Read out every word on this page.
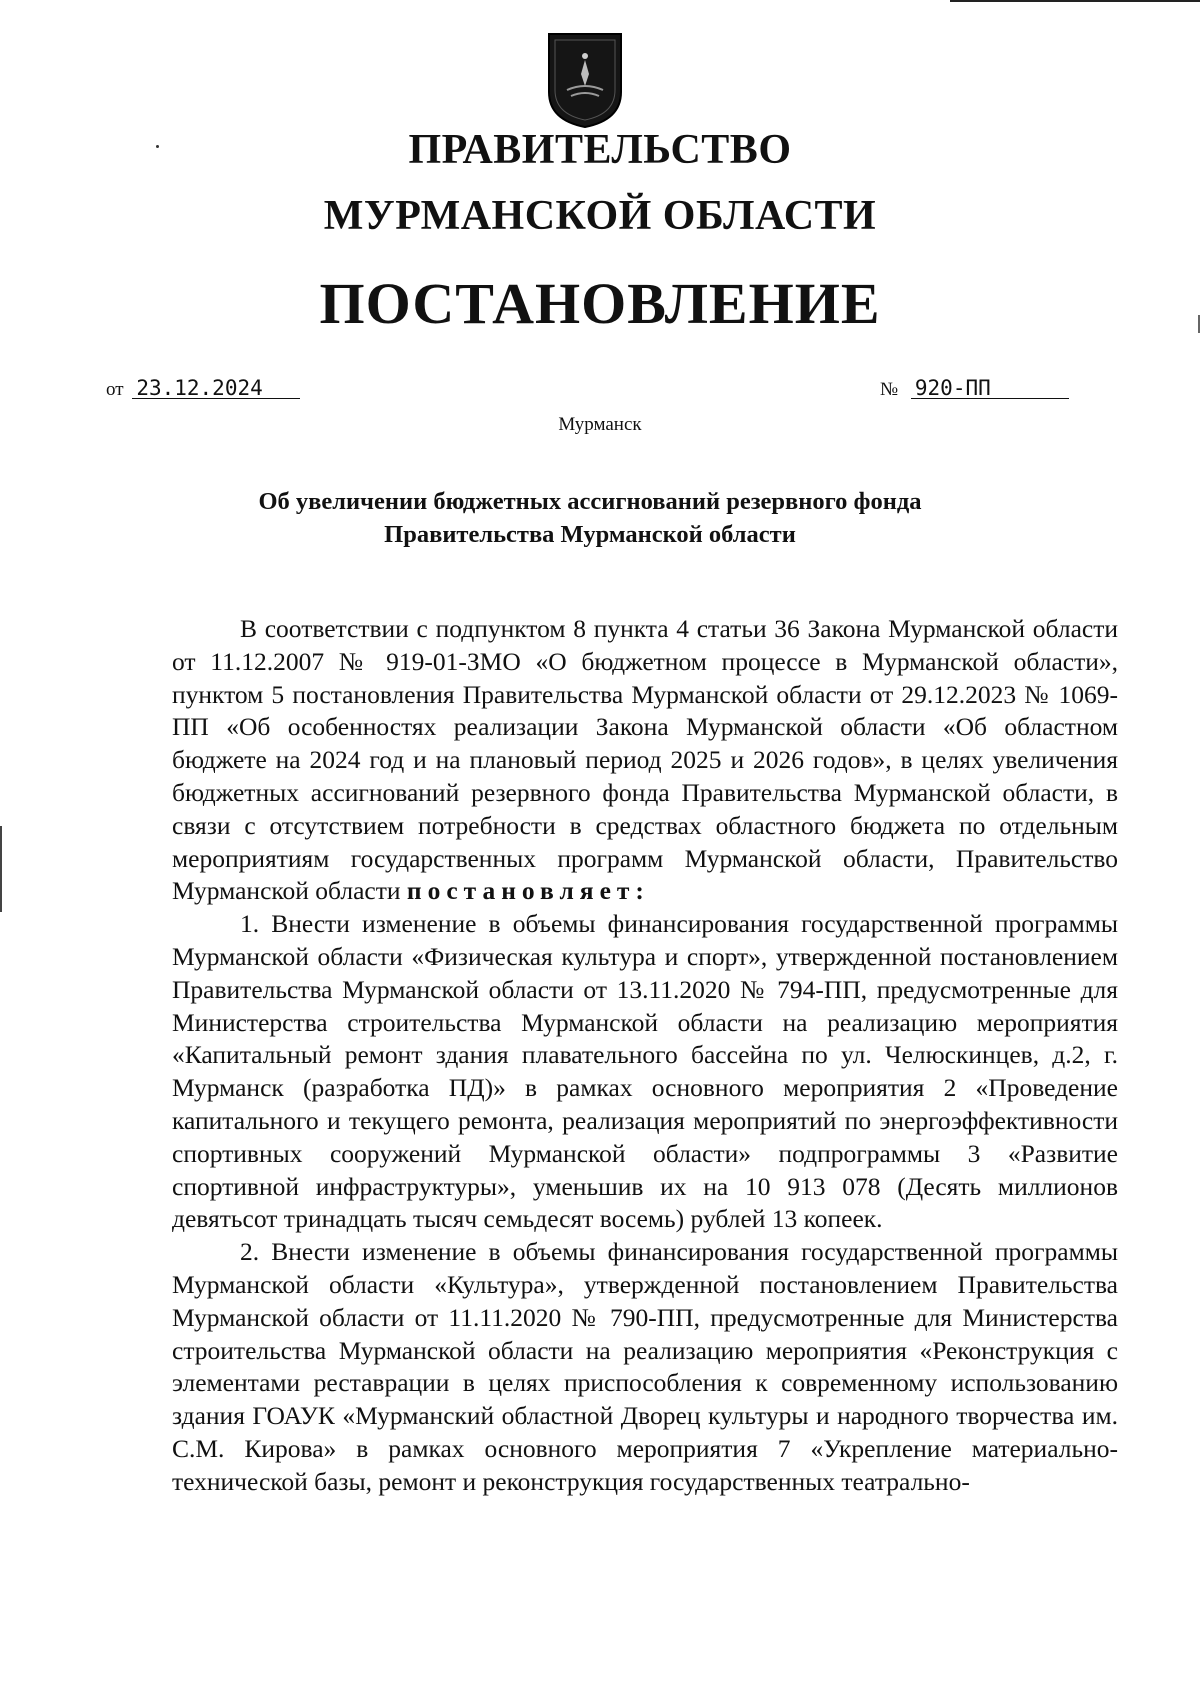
ПРАВИТЕЛЬСТВО
МУРМАНСКОЙ ОБЛАСТИ
ПОСТАНОВЛЕНИЕ
от 23.12.2024	№ 920-ПП
Мурманск
Об увеличении бюджетных ассигнований резервного фонда
Правительства Мурманской области

В соответствии с подпунктом 8 пункта 4 статьи 36 Закона Мурманской области от 11.12.2007 № 919-01-ЗМО «О бюджетном процессе в Мурманской области», пунктом 5 постановления Правительства Мурманской области от 29.12.2023 № 1069-ПП «Об особенностях реализации Закона Мурманской области «Об областном бюджете на 2024 год и на плановый период 2025 и 2026 годов», в целях увеличения бюджетных ассигнований резервного фонда Правительства Мурманской области, в связи с отсутствием потребности в средствах областного бюджета по отдельным мероприятиям государственных программ Мурманской области, Правительство Мурманской области постановляет:

1. Внести изменение в объемы финансирования государственной программы Мурманской области «Физическая культура и спорт», утвержденной постановлением Правительства Мурманской области от 13.11.2020 № 794-ПП, предусмотренные для Министерства строительства Мурманской области на реализацию мероприятия «Капитальный ремонт здания плавательного бассейна по ул. Челюскинцев, д.2, г. Мурманск (разработка ПД)» в рамках основного мероприятия 2 «Проведение капитального и текущего ремонта, реализация мероприятий по энергоэффективности спортивных сооружений Мурманской области» подпрограммы 3 «Развитие спортивной инфраструктуры», уменьшив их на 10 913 078 (Десять миллионов девятьсот тринадцать тысяч семьдесят восемь) рублей 13 копеек.

2. Внести изменение в объемы финансирования государственной программы Мурманской области «Культура», утвержденной постановлением Правительства Мурманской области от 11.11.2020 № 790-ПП, предусмотренные для Министерства строительства Мурманской области на реализацию мероприятия «Реконструкция с элементами реставрации в целях приспособления к современному использованию здания ГОАУК «Мурманский областной Дворец культуры и народного творчества им. С.М. Кирова» в рамках основного мероприятия 7 «Укрепление материально-технической базы, ремонт и реконструкция государственных театрально-
